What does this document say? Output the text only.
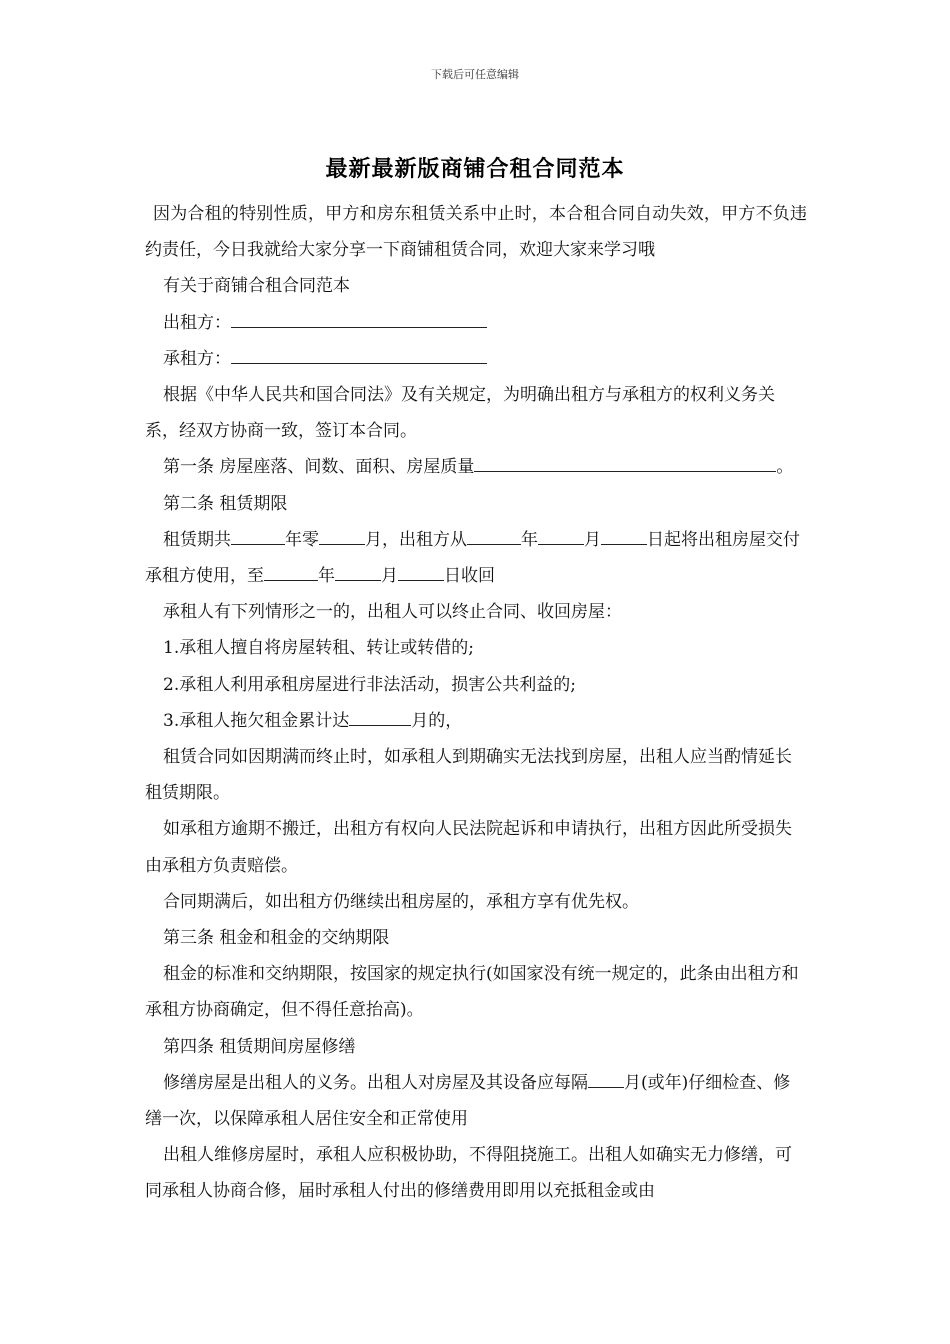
下载后可任意编辑
最新最新版商铺合租合同范本

因为合租的特别性质，甲方和房东租赁关系中止时，本合租合同自动失效，甲方不负违约责任，今日我就给大家分享一下商铺租赁合同，欢迎大家来学习哦

有关于商铺合租合同范本

出租方：

承租方：

根据《中华人民共和国合同法》及有关规定，为明确出租方与承租方的权利义务关系，经双方协商一致，签订本合同。

第一条 房屋座落、间数、面积、房屋质量	。

第二条 租赁期限

租赁期共	年零	月，出租方从	年	月	日起将出租房屋交付承租方使用，至	年	月	日收回

承租人有下列情形之一的，出租人可以终止合同、收回房屋：

1.承租人擅自将房屋转租、转让或转借的;

2.承租人利用承租房屋进行非法活动，损害公共利益的;

3.承租人拖欠租金累计达	月的，

租赁合同如因期满而终止时，如承租人到期确实无法找到房屋，出租人应当酌情延长租赁期限。

如承租方逾期不搬迁，出租方有权向人民法院起诉和申请执行，出租方因此所受损失由承租方负责赔偿。

合同期满后，如出租方仍继续出租房屋的，承租方享有优先权。

第三条 租金和租金的交纳期限

租金的标准和交纳期限，按国家的规定执行(如国家没有统一规定的，此条由出租方和承租方协商确定，但不得任意抬高)。

第四条 租赁期间房屋修缮

修缮房屋是出租人的义务。出租人对房屋及其设备应每隔 月(或年)仔细检查、修缮一次，以保障承租人居住安全和正常使用

出租人维修房屋时，承租人应积极协助，不得阻挠施工。出租人如确实无力修缮，可同承租人协商合修，届时承租人付出的修缮费用即用以充抵租金或由
